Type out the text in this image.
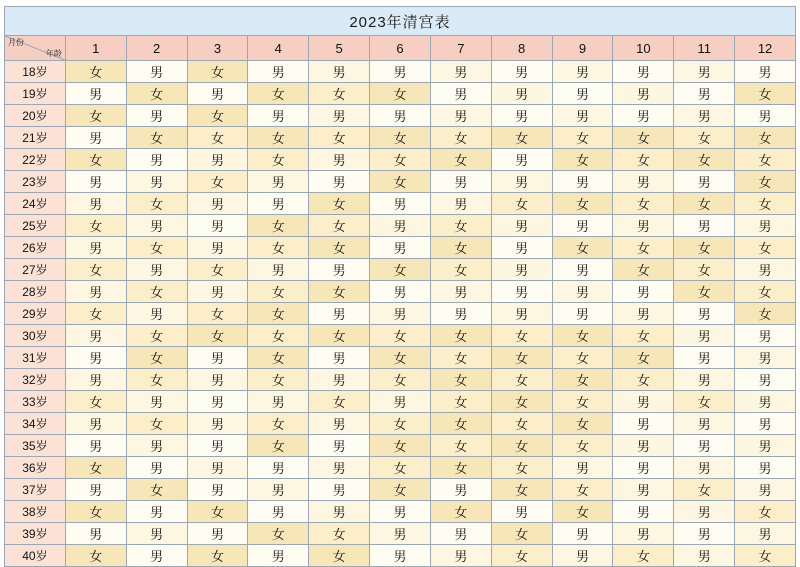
2023年清宫表												

月份
年龄	1	2	3	4	5	6	7	8	9	10	11	12
18岁	女	男	女	男	男	男	男	男	男	男	男	男
19岁	男	女	男	女	女	女	男	男	男	男	男	女
20岁	女	男	女	男	男	男	男	男	男	男	男	男
21岁	男	女	女	女	女	女	女	女	女	女	女	女
22岁	女	男	男	女	男	女	女	男	女	女	女	女
23岁	男	男	女	男	男	女	男	男	男	男	男	女
24岁	男	女	男	男	女	男	男	女	女	女	女	女
25岁	女	男	男	女	女	男	女	男	男	男	男	男
26岁	男	女	男	女	女	男	女	男	女	女	女	女
27岁	女	男	女	男	男	女	女	男	男	女	女	男
28岁	男	女	男	女	女	男	男	男	男	男	女	女
29岁	女	男	女	女	男	男	男	男	男	男	男	女
30岁	男	女	女	女	女	女	女	女	女	女	男	男
31岁	男	女	男	女	男	女	女	女	女	女	男	男
32岁	男	女	男	女	男	女	女	女	女	女	男	男
33岁	女	男	男	男	女	男	女	女	女	男	女	男
34岁	男	女	男	女	男	女	女	女	女	男	男	男
35岁	男	男	男	女	男	女	女	女	女	男	男	男
36岁	女	男	男	男	男	女	女	女	男	男	男	男
37岁	男	女	男	男	男	女	男	女	女	男	女	男
38岁	女	男	女	男	男	男	女	男	女	男	男	女
39岁	男	男	男	女	女	男	男	女	男	男	男	男
40岁	女	男	女	男	女	男	男	女	男	女	男	女
